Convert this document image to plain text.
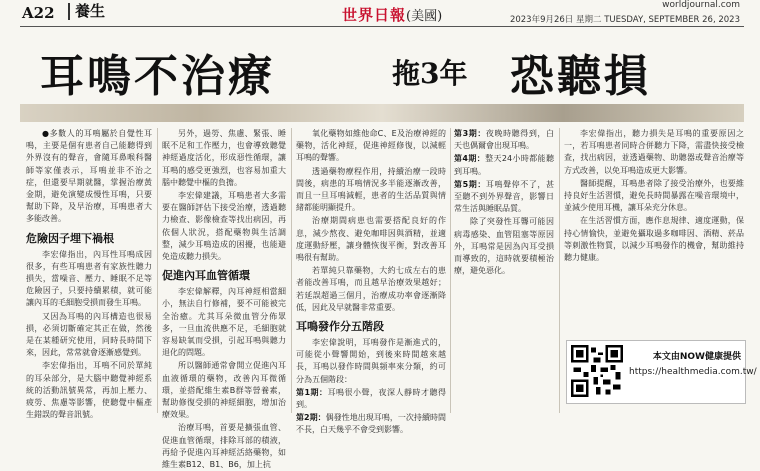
A22	養生	世界日報(美國)
worldjournal.com
2023年9月26日 星期二 TUESDAY, SEPTEMBER 26, 2023
耳鳴不治療	拖3年 恐聽損

●多數人的耳鳴屬於自覺性耳鳴，主要是個有患者自己能聽得到外界沒有的聲音，會隨耳鼻喉科醫師等家僅表示，耳鳴並非不治之症，但還要早期就醫，掌握治療黃金期，避免演變成慢性耳鳴，只要幫助下降，及早治療，耳鳴患者大多能改善。

危險因子埋下禍根

李宏偉指出，內耳性耳鳴成因很多，有些耳鳴患者有家族性聽力損失，當噪音、壓力、睡眠不足等危險因子，只要持續累積，就可能讓內耳的毛細胞受損而發生耳鳴。

又因為耳鳴的內耳構造也很易損，必須切斷確定其正在做，然後是在某種研究使用，同時長時間下來，因此，常常就會逐漸感覺到。

李宏偉指出，耳鳴不同於單純的耳朵部分，是大腦中聽覺神經系統的活動訊號異常，再加上壓力、疲勞、焦慮等影響，使聽覺中樞產生錯誤的聲音訊號。

另外，過勞、焦慮、緊張、睡眠不足和工作壓力，也會導致聽覺神經過度活化，形成惡性循環，讓耳鳴的感受更強烈，也容易加重大腦中聽覺中樞的負擔。

李宏偉建議，耳鳴患者大多需要在醫師評估下接受治療，透過聽力檢查、影像檢查等找出病因，再依個人狀況，搭配藥物與生活調整，減少耳鳴造成的困擾，也能避免造成聽力損失。

促進內耳血管循環

李宏偉解釋，內耳神經相當細小，無法自行修補，要不可能被完全治癒。尤其耳朵微血管分佈眾多，一旦血流供應不足，毛細胞就容易缺氧而受損，引起耳鳴與聽力退化的問題。

所以醫師通常會開立促進內耳血液循環的藥物，改善內耳微循環，並搭配維生素B群等營養素，幫助修復受損的神經細胞，增加治療效果。

治療耳鳴，首要是擴張血管、促進血管循環，排除耳部的積液，再給予促進內耳神經活絡藥物，如維生素B12、B1、B6，加上抗

氧化藥物如維他命C、E及治療神經的藥物，活化神經，促進神經修復，以減輕耳鳴的聲響。

透過藥物療程作用，持續治療一段時間後，病患的耳鳴情況多半能逐漸改善，而且一旦耳鳴減輕，患者的生活品質與情緒都能明顯提升。

治療期間病患也需要搭配良好的作息，減少熬夜、避免咖啡因與酒精，並適度運動紓壓，讓身體恢復平衡，對改善耳鳴很有幫助。

若單純只靠藥物，大約七成左右的患者能改善耳鳴，而且越早治療效果越好；若延誤超過三個月，治療成功率會逐漸降低，因此及早就醫非常重要。

耳鳴發作分五階段

李宏偉說明，耳鳴發作是漸進式的，可能從小聲響開始，到後來時間越來越長，耳鳴以發作時間與頻率來分類，約可分為五個階段：

第1期：耳鳴很小聲，夜深人靜時才聽得到。

第2期：偶發性地出現耳鳴，一次持續時間不長，白天幾乎不會受到影響。

第3期：夜晚時聽得到，白天也偶爾會出現耳鳴。

第4期：整天24小時都能聽到耳鳴。

第5期：耳鳴聲停不了，甚至聽不到外界聲音，影響日常生活與睡眠品質。

除了突發性耳聾可能因病毒感染、血管阻塞等原因外，耳鳴常是因為內耳受損而導致的，這時就要積極治療，避免惡化。

李宏偉指出，聽力損失是耳鳴的重要原因之一，若耳鳴患者同時合併聽力下降，需盡快接受檢查，找出病因，並透過藥物、助聽器或聲音治療等方式改善，以免耳鳴造成更大影響。

醫師提醒，耳鳴患者除了接受治療外，也要維持良好生活習慣，避免長時間暴露在噪音環境中，並減少使用耳機，讓耳朵充分休息。

在生活習慣方面，應作息規律、適度運動，保持心情愉快，並避免攝取過多咖啡因、酒精、菸品等刺激性物質，以減少耳鳴發作的機會，幫助維持聽力健康。

本文由NOW健康提供
https://healthmedia.com.tw/
